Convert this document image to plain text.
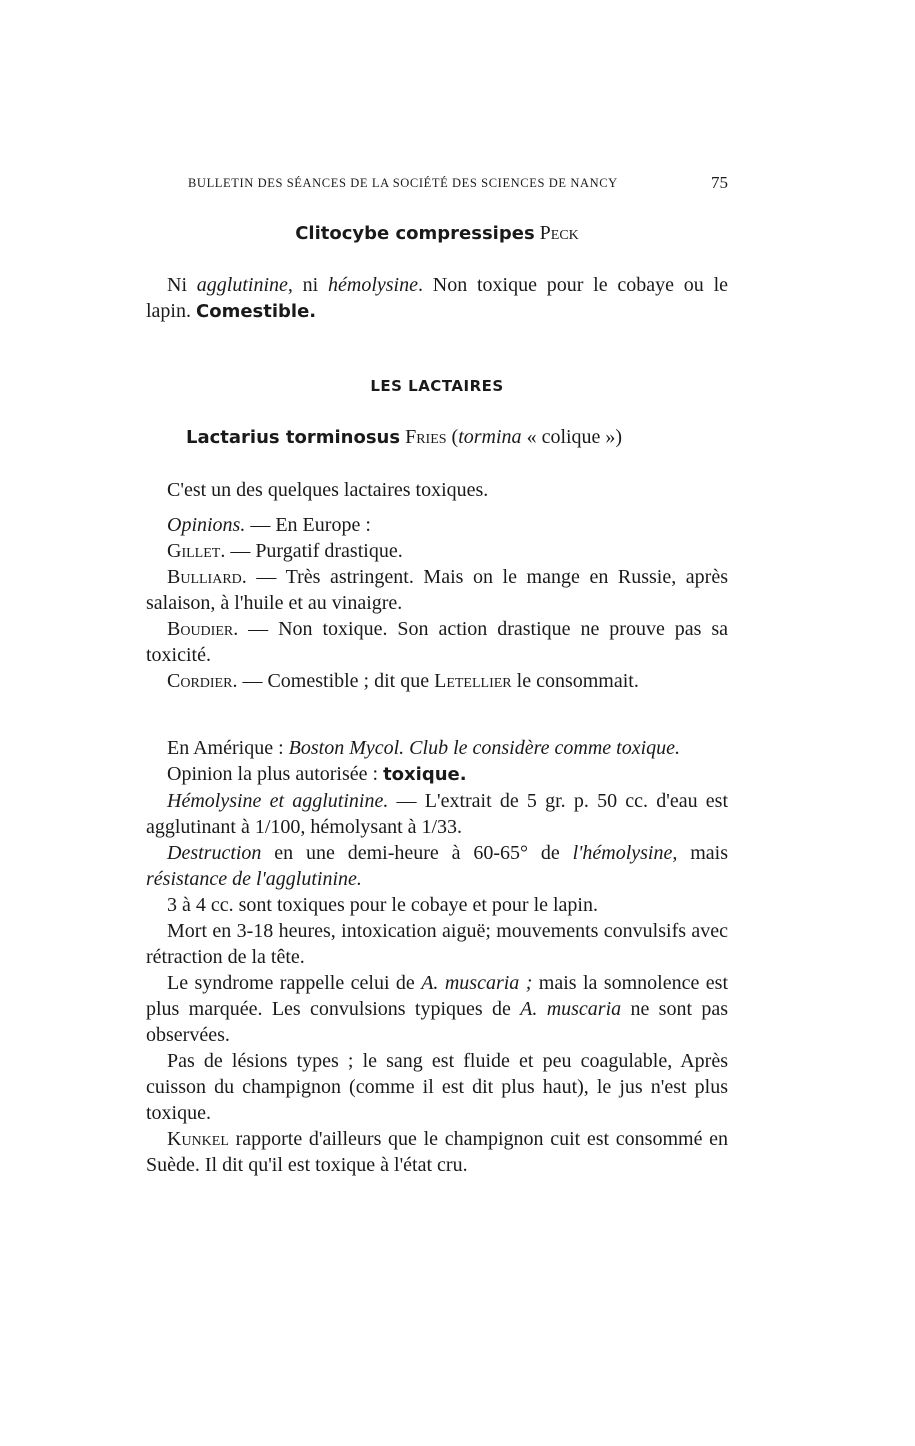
BULLETIN DES SÉANCES DE LA SOCIÉTÉ DES SCIENCES DE NANCY	75
Clitocybe compressipes Peck

Ni agglutinine, ni hémolysine. Non toxique pour le cobaye ou le lapin. Comestible.

LES LACTAIRES
Lactarius torminosus Fries (tormina « colique »)

C'est un des quelques lactaires toxiques.

Opinions. — En Europe :

Gillet. — Purgatif drastique.

Bulliard. — Très astringent. Mais on le mange en Russie, après salaison, à l'huile et au vinaigre.

Boudier. — Non toxique. Son action drastique ne prouve pas sa toxicité.

Cordier. — Comestible ; dit que Letellier le consommait.

En Amérique : Boston Mycol. Club le considère comme toxique.

Opinion la plus autorisée : toxique.

Hémolysine et agglutinine. — L'extrait de 5 gr. p. 50 cc. d'eau est agglutinant à 1/100, hémolysant à 1/33.

Destruction en une demi-heure à 60-65° de l'hémolysine, mais résistance de l'agglutinine.

3 à 4 cc. sont toxiques pour le cobaye et pour le lapin.

Mort en 3-18 heures, intoxication aiguë; mouvements convulsifs avec rétraction de la tête.

Le syndrome rappelle celui de A. muscaria ; mais la somnolence est plus marquée. Les convulsions typiques de A. muscaria ne sont pas observées.

Pas de lésions types ; le sang est fluide et peu coagulable, Après cuisson du champignon (comme il est dit plus haut), le jus n'est plus toxique.

Kunkel rapporte d'ailleurs que le champignon cuit est consommé en Suède. Il dit qu'il est toxique à l'état cru.
